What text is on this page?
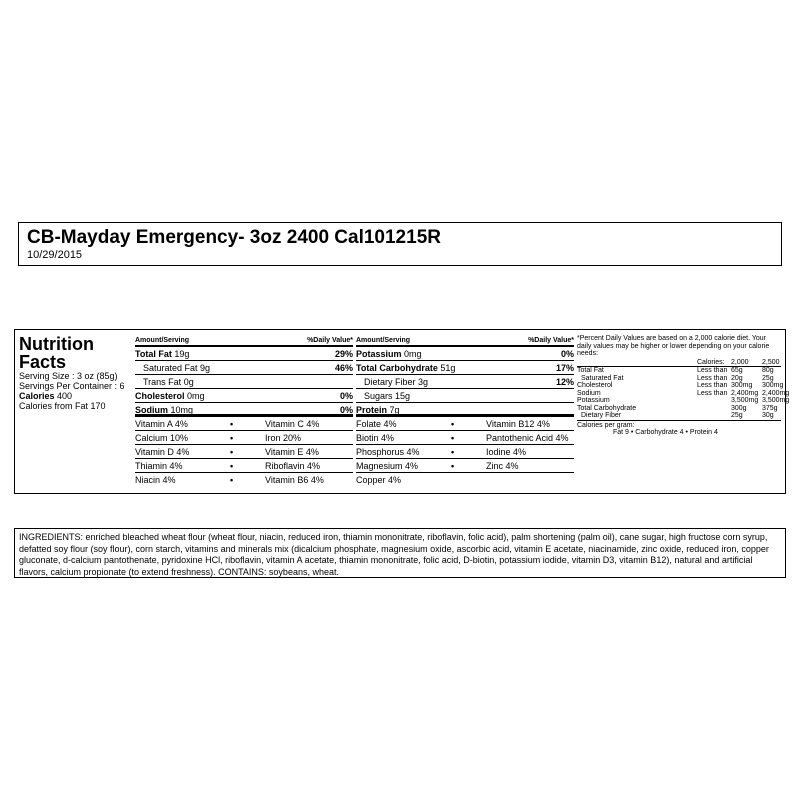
CB-Mayday Emergency- 3oz 2400 Cal101215R
10/29/2015
Nutrition
Facts
Serving Size : 3 oz (85g)
Servings Per Container : 6
Calories 400
Calories from Fat 170
Amount/Serving	%Daily Value*
Total Fat 19g	29%
Saturated Fat 9g	46%
Trans Fat 0g
Cholesterol 0mg	0%
Sodium 10mg	0%
Vitamin A 4%	•	Vitamin C 4%
Calcium 10%	•	Iron 20%
Vitamin D 4%	•	Vitamin E 4%
Thiamin 4%	•	Riboflavin 4%
Niacin 4%	•	Vitamin B6 4%
Amount/Serving	%Daily Value*
Potassium 0mg	0%
Total Carbohydrate 51g	17%
Dietary Fiber 3g	12%
Sugars 15g
Protein 7g
Folate 4%	•	Vitamin B12 4%
Biotin 4%	•	Pantothenic Acid 4%
Phosphorus 4%	•	Iodine 4%
Magnesium 4%	•	Zinc 4%
Copper 4%
*Percent Daily Values are based on a 2,000 calorie diet. Your daily values may be higher or lower depending on your calorie needs:
Calories: 2,000 2,500
Total Fat	Less than 65g	80g
Saturated Fat	Less than 20g	25g
Cholesterol	Less than 300mg 300mg
Sodium	Less than 2,400mg 2,400mg
Potassium	3,500mg 3,500mg
Total Carbohydrate	300g 375g
Dietary Fiber	25g	30g
Calories per gram:
Fat 9 • Carbohydrate 4 • Protein 4
INGREDIENTS: enriched bleached wheat flour (wheat flour, niacin, reduced iron, thiamin mononitrate, riboflavin, folic acid), palm shortening (palm oil), cane sugar, high fructose corn syrup, defatted soy flour (soy flour), corn starch, vitamins and minerals mix (dicalcium phosphate, magnesium oxide, ascorbic acid, vitamin E acetate, niacinamide, zinc oxide, reduced iron, copper gluconate, d-calcium pantothenate, pyridoxine HCl, riboflavin, vitamin A acetate, thiamin mononitrate, folic acid, D-biotin, potassium iodide, vitamin D3, vitamin B12), natural and artificial flavors, calcium propionate (to extend freshness). CONTAINS: soybeans, wheat.
